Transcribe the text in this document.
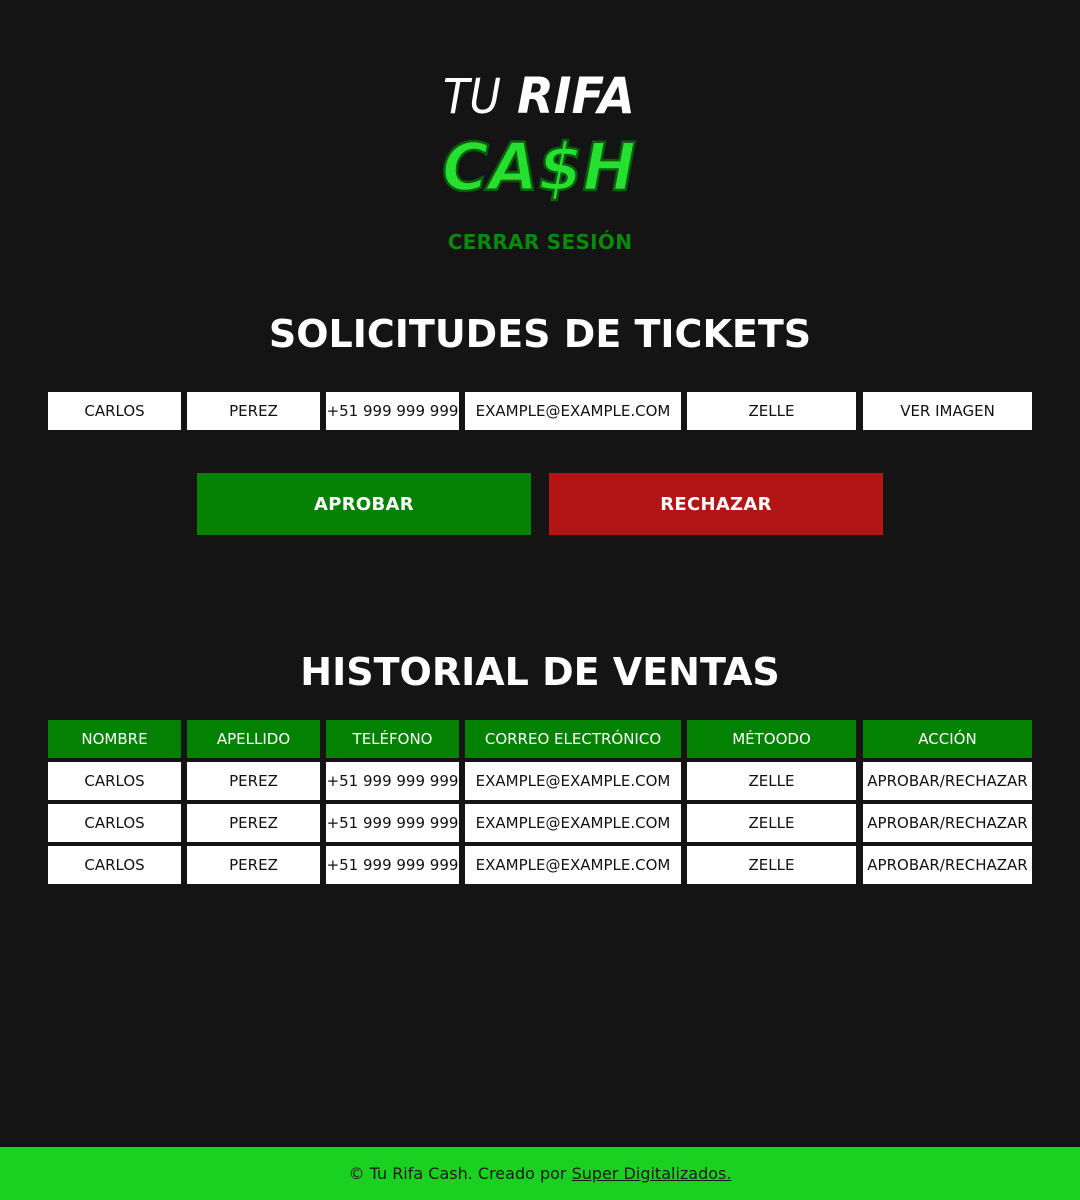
TU RIFA
CA$H
CERRAR SESIÓN
SOLICITUDES DE TICKETS
CARLOS	PEREZ	+51 999 999 999	EXAMPLE@EXAMPLE.COM	ZELLE	VER IMAGEN
APROBAR	RECHAZAR
HISTORIAL DE VENTAS
NOMBRE	APELLIDO	TELÉFONO	CORREO ELECTRÓNICO	MÉTOODO	ACCIÓN
CARLOS	PEREZ	+51 999 999 999	EXAMPLE@EXAMPLE.COM	ZELLE	APROBAR/RECHAZAR
CARLOS	PEREZ	+51 999 999 999	EXAMPLE@EXAMPLE.COM	ZELLE	APROBAR/RECHAZAR
CARLOS	PEREZ	+51 999 999 999	EXAMPLE@EXAMPLE.COM	ZELLE	APROBAR/RECHAZAR
© Tu Rifa Cash. Creado por Super Digitalizados.
